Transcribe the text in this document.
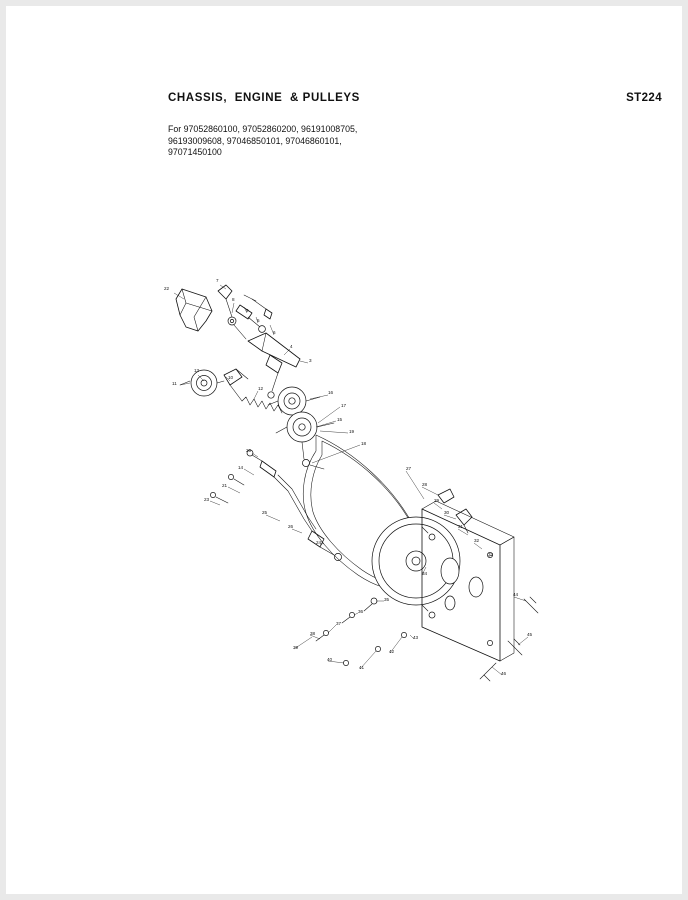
CHASSIS,  ENGINE  & PULLEYS	ST224
For 97052860100, 97052860200, 96191008705,
96193009608, 97046850101, 97046860101,
97071450100
22
7
8
9
5
6
4
3
11
13
10
12
16
17
15
19
18
20
14
21
23
25
26
24
27
28
29
30
31
32
33
34
35
36
37
38
39
40
41
42
43
44
45
46
